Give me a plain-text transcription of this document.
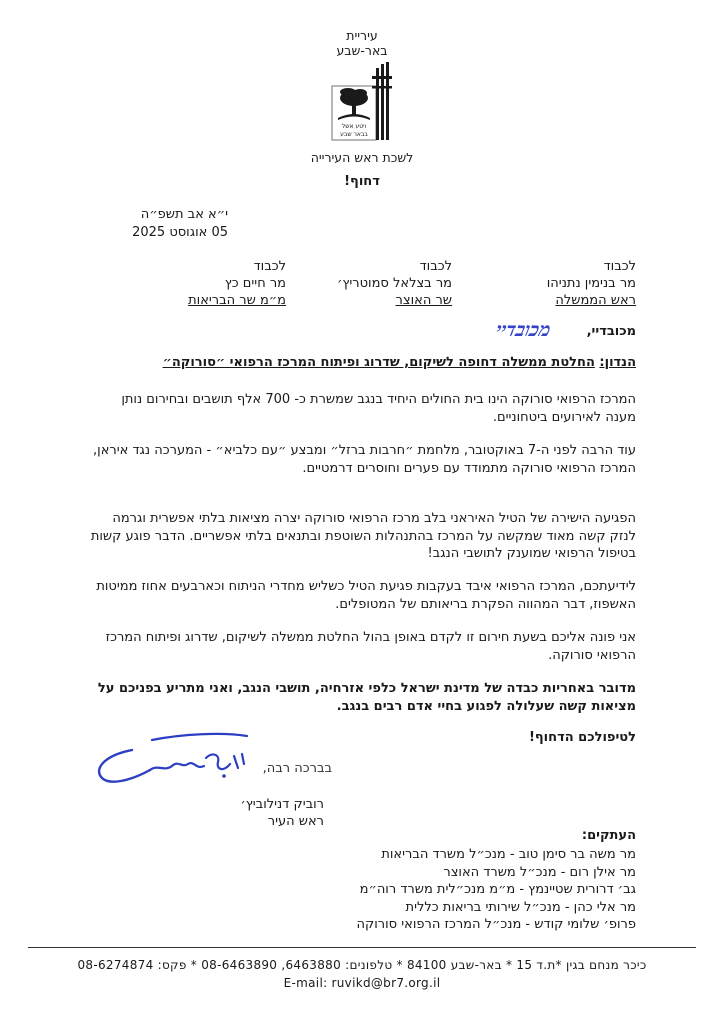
עיריית
באר-שבע
ויטע אשל
בבאר שבע
לשכת ראש העירייה
דחוף!
י״א אב תשפ״ה
05 אוגוסט 2025
לכבוד
מר בנימין נתניהו
ראש הממשלה
לכבוד
מר בצלאל סמוטריץ׳
שר האוצר
לכבוד
מר חיים כץ
מ״מ שר הבריאות
מכובדיי,
מכובדיי
הנדון: החלטת ממשלה דחופה לשיקום, שדרוג ופיתוח המרכז הרפואי ״סורוקה״
המרכז הרפואי סורוקה הינו בית החולים היחיד בנגב שמשרת כ- 700 אלף תושבים ובחירום נותן מענה לאירועים ביטחוניים.
עוד הרבה לפני ה-7 באוקטובר, מלחמת ״חרבות ברזל״ ומבצע ״עם כלביא״ - המערכה נגד איראן, המרכז הרפואי סורוקה מתמודד עם פערים וחוסרים דרמטיים.
הפגיעה הישירה של הטיל האיראני בלב מרכז הרפואי סורוקה יצרה מציאות בלתי אפשרית וגרמה לנזק קשה מאוד שמקשה על המרכז בהתנהלות השוטפת ובתנאים בלתי אפשריים. הדבר פוגע קשות בטיפול הרפואי שמוענק לתושבי הנגב!
לידיעתכם, המרכז הרפואי איבד בעקבות פגיעת הטיל כשליש מחדרי הניתוח וכארבעים אחוז ממיטות האשפוז, דבר המהווה הפקרת בריאותם של המטופלים.
אני פונה אליכם בשעת חירום זו לקדם באופן בהול החלטת ממשלה לשיקום, שדרוג ופיתוח המרכז הרפואי סורוקה.
מדובר באחריות כבדה של מדינת ישראל כלפי אזרחיה, תושבי הנגב, ואני מתריע בפניכם על מציאות קשה שעלולה לפגוע בחיי אדם רבים בנגב.
לטיפולכם הדחוף!
בברכה רבה,
רוביק דנילוביץ׳
ראש העיר
העתקים:
מר משה בר סימן טוב - מנכ״ל משרד הבריאות
מר אילן רום - מנכ״ל משרד האוצר
גב׳ דרורית שטיינמץ - מ״מ מנכ״לית משרד רוה״מ
מר אלי כהן - מנכ״ל שירותי בריאות כללית
פרופ׳ שלומי קודש - מנכ״ל המרכז הרפואי סורוקה
כיכר מנחם בגין *ת.ד 15 * באר-שבע 84100 * טלפונים: 6463880, 08-6463890 * פקס: 08-6274874
E-mail: ruvikd@br7.org.il
